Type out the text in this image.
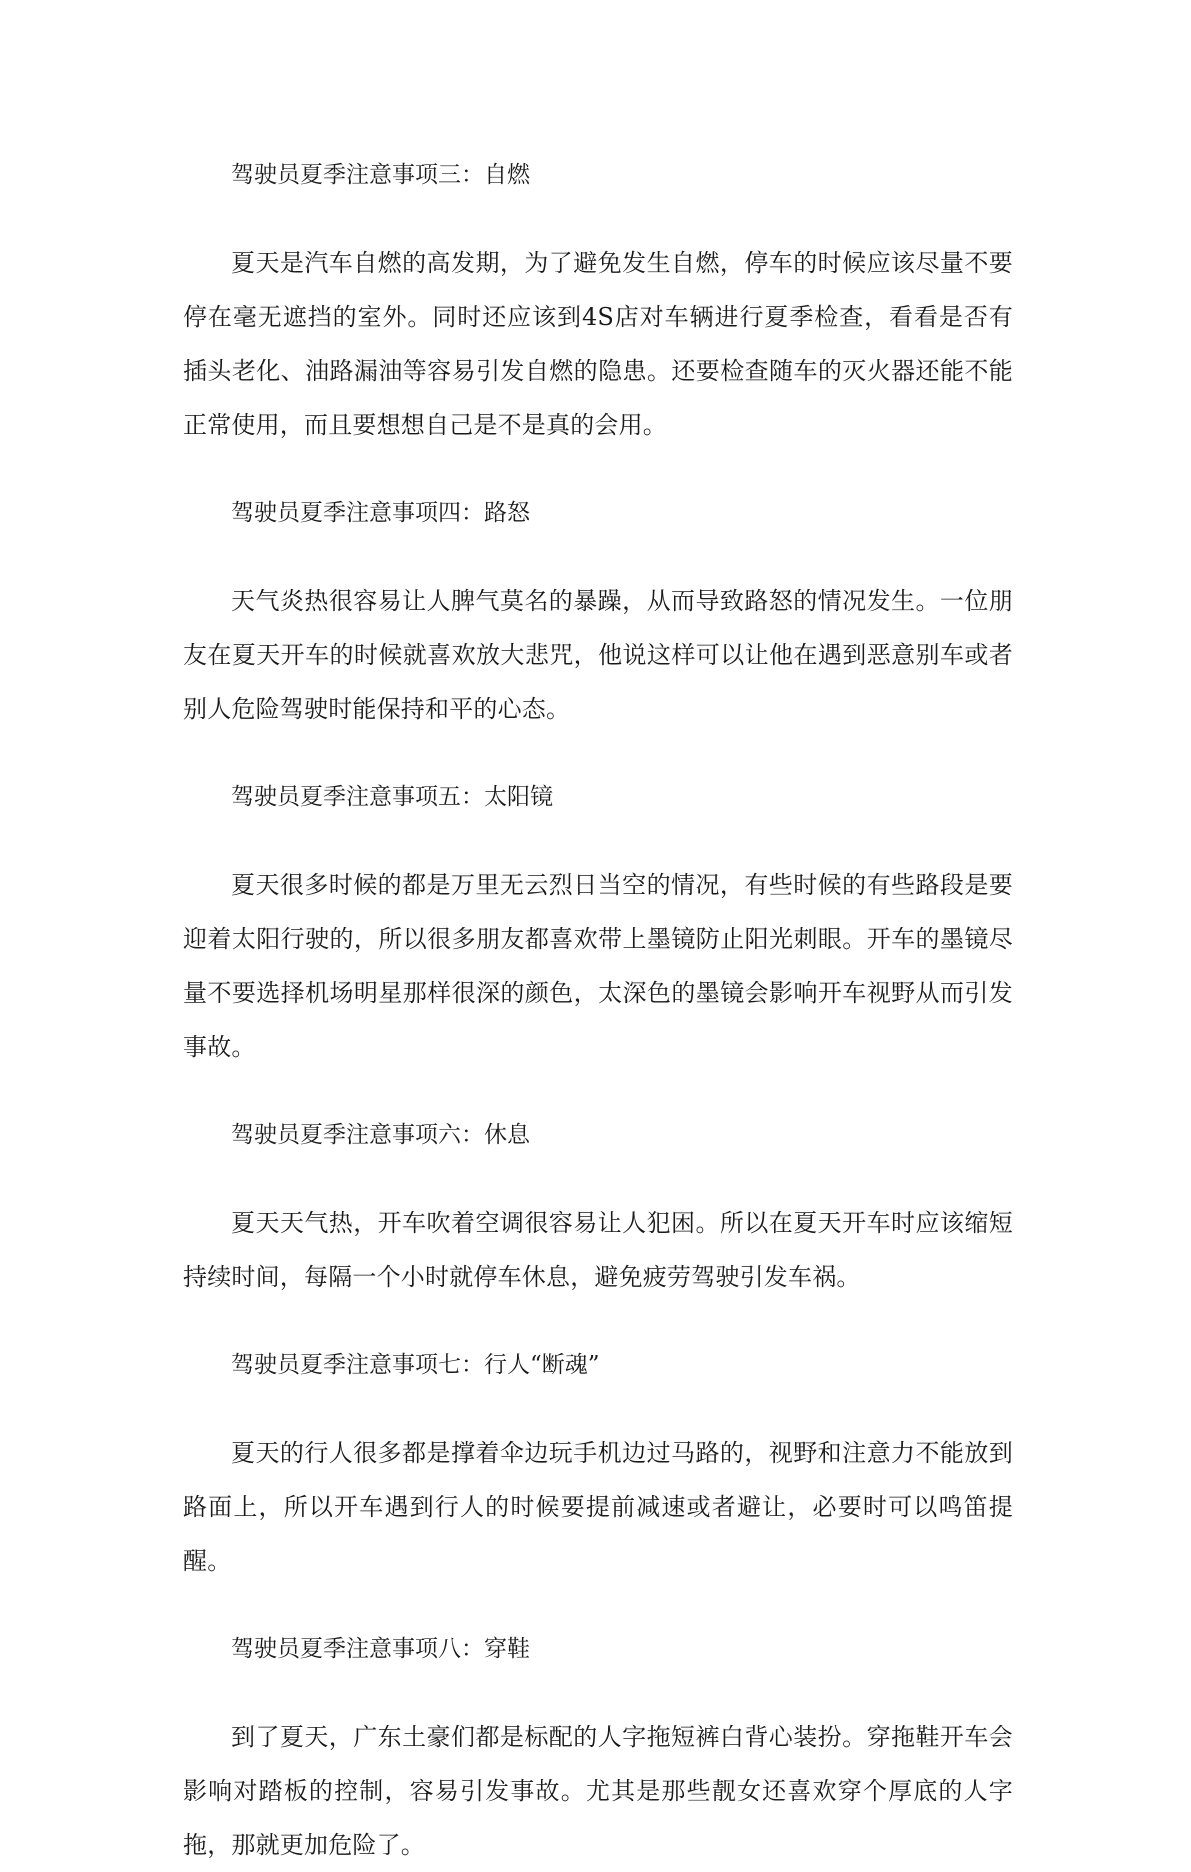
驾驶员夏季注意事项三：自燃

夏天是汽车自燃的高发期，为了避免发生自燃，停车的时候应该尽量不要停在毫无遮挡的室外。同时还应该到4S店对车辆进行夏季检查，看看是否有插头老化、油路漏油等容易引发自燃的隐患。还要检查随车的灭火器还能不能正常使用，而且要想想自己是不是真的会用。

驾驶员夏季注意事项四：路怒

天气炎热很容易让人脾气莫名的暴躁，从而导致路怒的情况发生。一位朋友在夏天开车的时候就喜欢放大悲咒，他说这样可以让他在遇到恶意别车或者别人危险驾驶时能保持和平的心态。

驾驶员夏季注意事项五：太阳镜

夏天很多时候的都是万里无云烈日当空的情况，有些时候的有些路段是要迎着太阳行驶的，所以很多朋友都喜欢带上墨镜防止阳光刺眼。开车的墨镜尽量不要选择机场明星那样很深的颜色，太深色的墨镜会影响开车视野从而引发事故。

驾驶员夏季注意事项六：休息

夏天天气热，开车吹着空调很容易让人犯困。所以在夏天开车时应该缩短持续时间，每隔一个小时就停车休息，避免疲劳驾驶引发车祸。

驾驶员夏季注意事项七：行人“断魂”

夏天的行人很多都是撑着伞边玩手机边过马路的，视野和注意力不能放到路面上，所以开车遇到行人的时候要提前减速或者避让，必要时可以鸣笛提醒。

驾驶员夏季注意事项八：穿鞋

到了夏天，广东土豪们都是标配的人字拖短裤白背心装扮。穿拖鞋开车会影响对踏板的控制，容易引发事故。尤其是那些靓女还喜欢穿个厚底的人字拖，那就更加危险了。
